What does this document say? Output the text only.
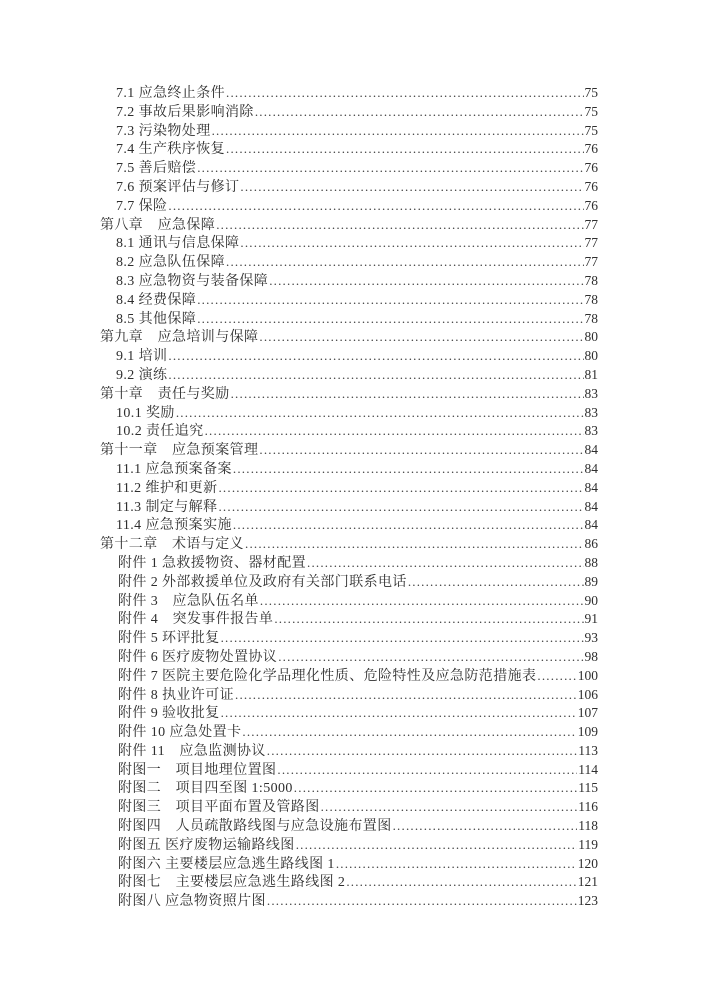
7.1 应急终止条件 .....	75
7.2 事故后果影响消除 .....	75
7.3 污染物处理 .....	75
7.4 生产秩序恢复 .....	76
7.5 善后赔偿 .....	76
7.6 预案评估与修订 .....	76
7.7 保险 .....	76
第八章　应急保障 .....	77
8.1 通讯与信息保障 .....	77
8.2 应急队伍保障 .....	77
8.3 应急物资与装备保障 .....	78
8.4 经费保障 .....	78
8.5 其他保障 .....	78
第九章　应急培训与保障 .....	80
9.1 培训 .....	80
9.2 演练 .....	81
第十章　责任与奖励 .....	83
10.1 奖励 .....	83
10.2 责任追究 .....	83
第十一章　应急预案管理 .....	84
11.1 应急预案备案 .....	84
11.2 维护和更新 .....	84
11.3 制定与解释 .....	84
11.4 应急预案实施 .....	84
第十二章　术语与定义 .....	86
附件 1 急救援物资、器材配置 .....	88
附件 2 外部救援单位及政府有关部门联系电话 .....	89
附件 3　应急队伍名单 .....	90
附件 4　突发事件报告单 .....	91
附件 5 环评批复 .....	93
附件 6 医疗废物处置协议 .....	98
附件 7 医院主要危险化学品理化性质、危险特性及应急防范措施表 .....	100
附件 8 执业许可证 .....	106
附件 9 验收批复 .....	107
附件 10 应急处置卡 .....	109
附件 11　应急监测协议 .....	113
附图一　项目地理位置图 .....	114
附图二　项目四至图 1:5000 .....	115
附图三　项目平面布置及管路图 .....	116
附图四　人员疏散路线图与应急设施布置图 .....	118
附图五 医疗废物运输路线图 .....	119
附图六 主要楼层应急逃生路线图 1 .....	120
附图七　主要楼层应急逃生路线图 2 .....	121
附图八 应急物资照片图 .....	123
